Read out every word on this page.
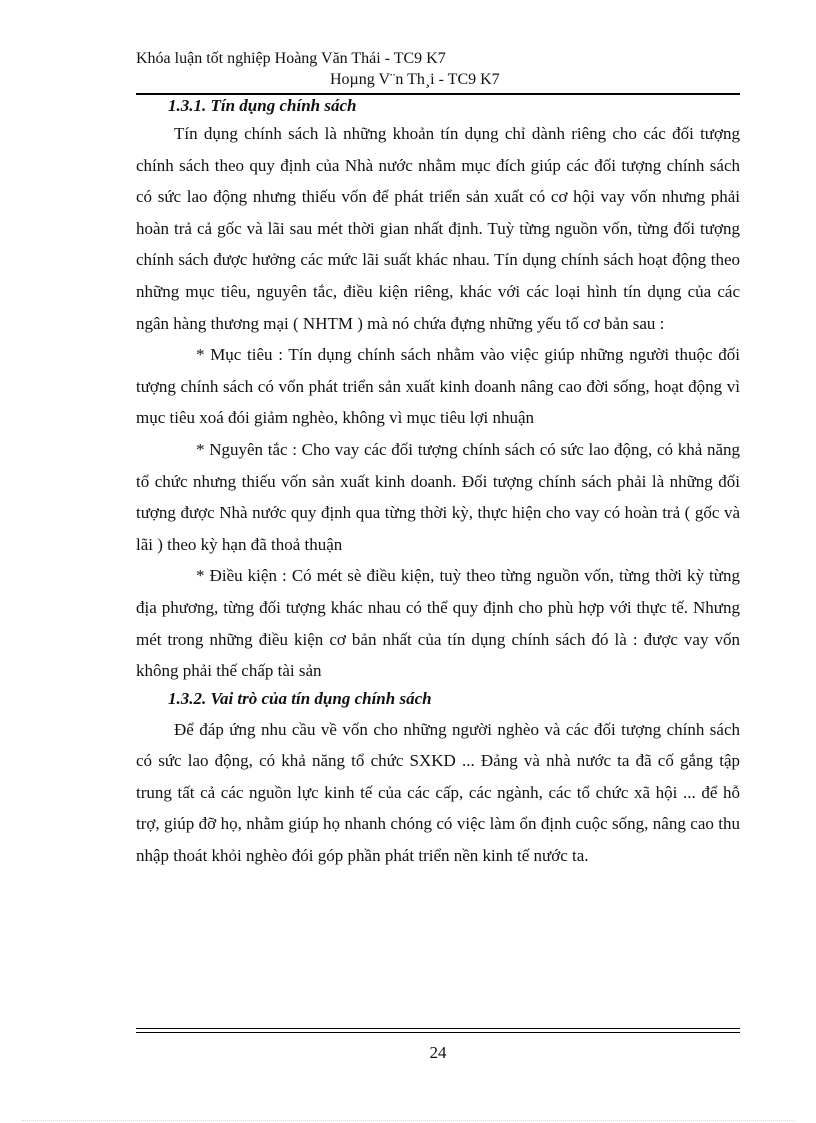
Khóa luận tốt nghiệp Hoàng Văn Thái - TC9 K7
Hoµng V¨n Th¸i - TC9 K7
1.3.1. Tín dụng chính sách

Tín dụng chính sách là những khoản tín dụng chỉ dành riêng cho các đối tượng chính sách theo quy định của Nhà nước nhằm mục đích giúp các đối tượng chính sách có sức lao động nhưng thiếu vốn để phát triển sản xuất có cơ hội vay vốn nhưng phải hoàn trả cả gốc và lãi sau mét thời gian nhất định. Tuỳ từng nguồn vốn, từng đối tượng chính sách được hưởng các mức lãi suất khác nhau. Tín dụng chính sách hoạt động theo những mục tiêu, nguyên tắc, điều kiện riêng, khác với các loại hình tín dụng của các ngân hàng thương mại ( NHTM ) mà nó chứa đựng những yếu tố cơ bản sau :

* Mục tiêu : Tín dụng chính sách nhằm vào việc giúp những người thuộc đối tượng chính sách có vốn phát triển sản xuất kinh doanh nâng cao đời sống, hoạt động vì mục tiêu xoá đói giảm nghèo, không vì mục tiêu lợi nhuận

* Nguyên tắc : Cho vay các đối tượng chính sách có sức lao động, có khả năng tổ chức nhưng thiếu vốn sản xuất kinh doanh. Đối tượng chính sách phải là những đối tượng được Nhà nước quy định qua từng thời kỳ, thực hiện cho vay có hoàn trả ( gốc và lãi ) theo kỳ hạn đã thoả thuận

* Điều kiện : Có mét sè điều kiện, tuỳ theo từng nguồn vốn, từng thời kỳ từng địa phương, từng đối tượng khác nhau có thể quy định cho phù hợp với thực tế. Nhưng mét trong những điều kiện cơ bản nhất của tín dụng chính sách đó là : được vay vốn không phải thế chấp tài sản

1.3.2. Vai trò của tín dụng chính sách

Để đáp ứng nhu cầu về vốn cho những người nghèo và các đối tượng chính sách có sức lao động, có khả năng tổ chức SXKD ... Đảng và nhà nước ta đã cố gắng tập trung tất cả các nguồn lực kinh tế của các cấp, các ngành, các tổ chức xã hội ... để hỗ trợ, giúp đỡ họ, nhằm giúp họ nhanh chóng có việc làm ổn định cuộc sống, nâng cao thu nhập thoát khỏi nghèo đói góp phần phát triển nền kinh tế nước ta.

24
